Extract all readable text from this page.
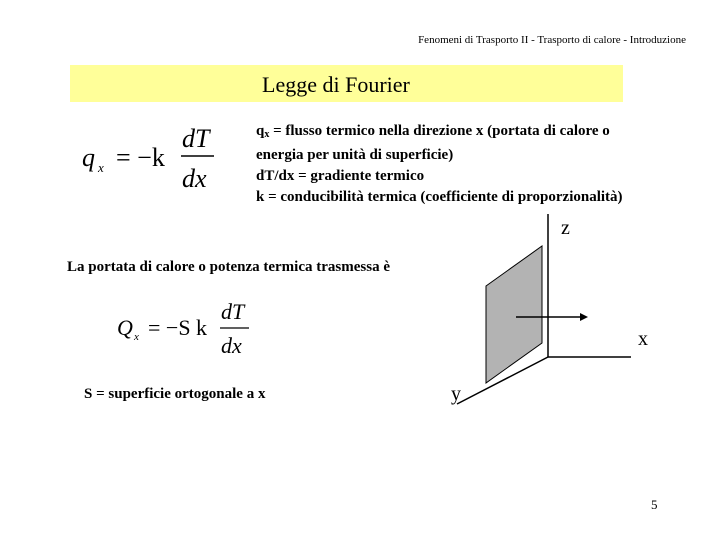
Fenomeni di Trasporto II - Trasporto di calore - Introduzione
Legge di Fourier
q x = −k
dT
dx
$q_x$ = flusso termico nella direzione x (portata di calore o
energia per unità di superficie)
dT/dx = gradiente termico
k = conducibilità termica (coefficiente di proporzionalità)
La portata di calore o potenza termica trasmessa è
Q x = −S k
dT
dx
S = superficie ortogonale a x
z
x
y
5
